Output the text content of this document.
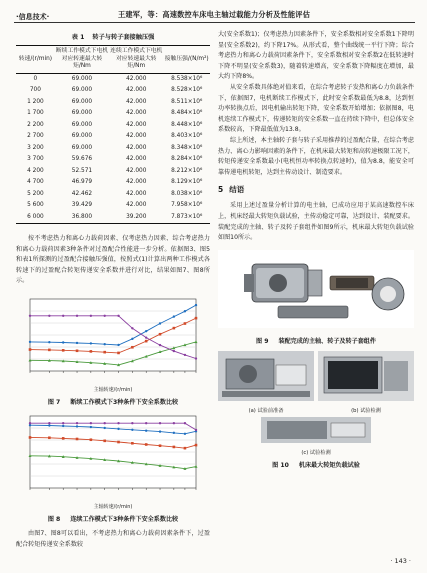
·信息技术·	王建军，等：高速数控车床电主轴过载能力分析及性能评估
表 1 转子与转子套接触压强
转速/(r/min)	断续工作模式下电机对应转速最大转矩/Nm	连续工作模式下电机对应转速最大转矩/Nm	接触压强/(N/m²)
0	69.000	42.000	8.538×10⁶
700	69.000	42.000	8.528×10⁶
1 200	69.000	42.000	8.511×10⁶
1 700	69.000	42.000	8.484×10⁶
2 200	69.000	42.000	8.448×10⁶
2 700	69.000	42.000	8.403×10⁶
3 200	69.000	42.000	8.348×10⁶
3 700	59.676	42.000	8.284×10⁶
4 200	52.571	42.000	8.212×10⁶
4 700	46.979	42.000	8.129×10⁶
5 200	42.462	42.000	8.038×10⁶
5 600	39.429	42.000	7.958×10⁶
6 000	36.800	39.200	7.873×10⁶

按不考虑热力和离心力载荷因素、仅考虑热力因素、综合考虑热力和离心力载荷因素3种条件对过盈配合性能进一步分析。依据图3、图5和表1所探测的过盈配合接触压强值，按照式(1)计算出两种工作模式各转速下的过盈配合转矩传递安全系数并进行对比，结果如图7、图8所示。

主轴转速/(r/min)
图 7 断续工作模式下3种条件下安全系数比较
主轴转速/(r/min)
图 8 连续工作模式下3种条件下安全系数比较

由图7、图8可以看出，不考虑热力和离心力载荷因素条件下，过盈配合转矩传递安全系数较

大(安全系数1)；仅考虑热力因素条件下，安全系数相对安全系数1下降明显(安全系数2)，约下降17%。从形式看，整个曲线统一平行下降；综合考虑热力和离心力载荷因素条件下，安全系数相对安全系数2在低转速时下降不明显(安全系数3)，随着转速增高，安全系数下降幅度在增加，最大约下降8%。

从安全系数具体绝对值来看，在综合考虑转子发热和离心力负载条件下，依据图7，电机断续工作模式下，此时安全系数最低为8.8，达到恒功率转换点后，因电机输出转矩下降，安全系数开始增加；依据图8，电机连续工作模式下，传递转矩的安全系数一直在持续下降中，但总体安全系数较高，下降最低值为13.8。

综上所述，本主轴转子套与转子采用推荐的过盈配合量，在综合考虑热力、离心力影响因素的条件下，在机床最大转矩和高转速极限工况下，转矩传递安全系数最小(电机恒功率转换点转速时)，值为8.8，能安全可靠传递电机转矩，达到主传动设计、制造要求。

5 结语

采用上述过盈量分析计算的电主轴，已成功应用于某高速数控车床上，机床经最大转矩负载试验，主传动稳定可靠，达到设计、装配要求。装配完成的主轴、转子及转子套组件如图9所示，机床最大转矩负载试验如图10所示。

图 9 装配完成的主轴、转子及转子套组件
(a) 试验前准备	(b) 试验检测
(c) 试验检测
图 10 机床最大转矩负载试验
· 143 ·
